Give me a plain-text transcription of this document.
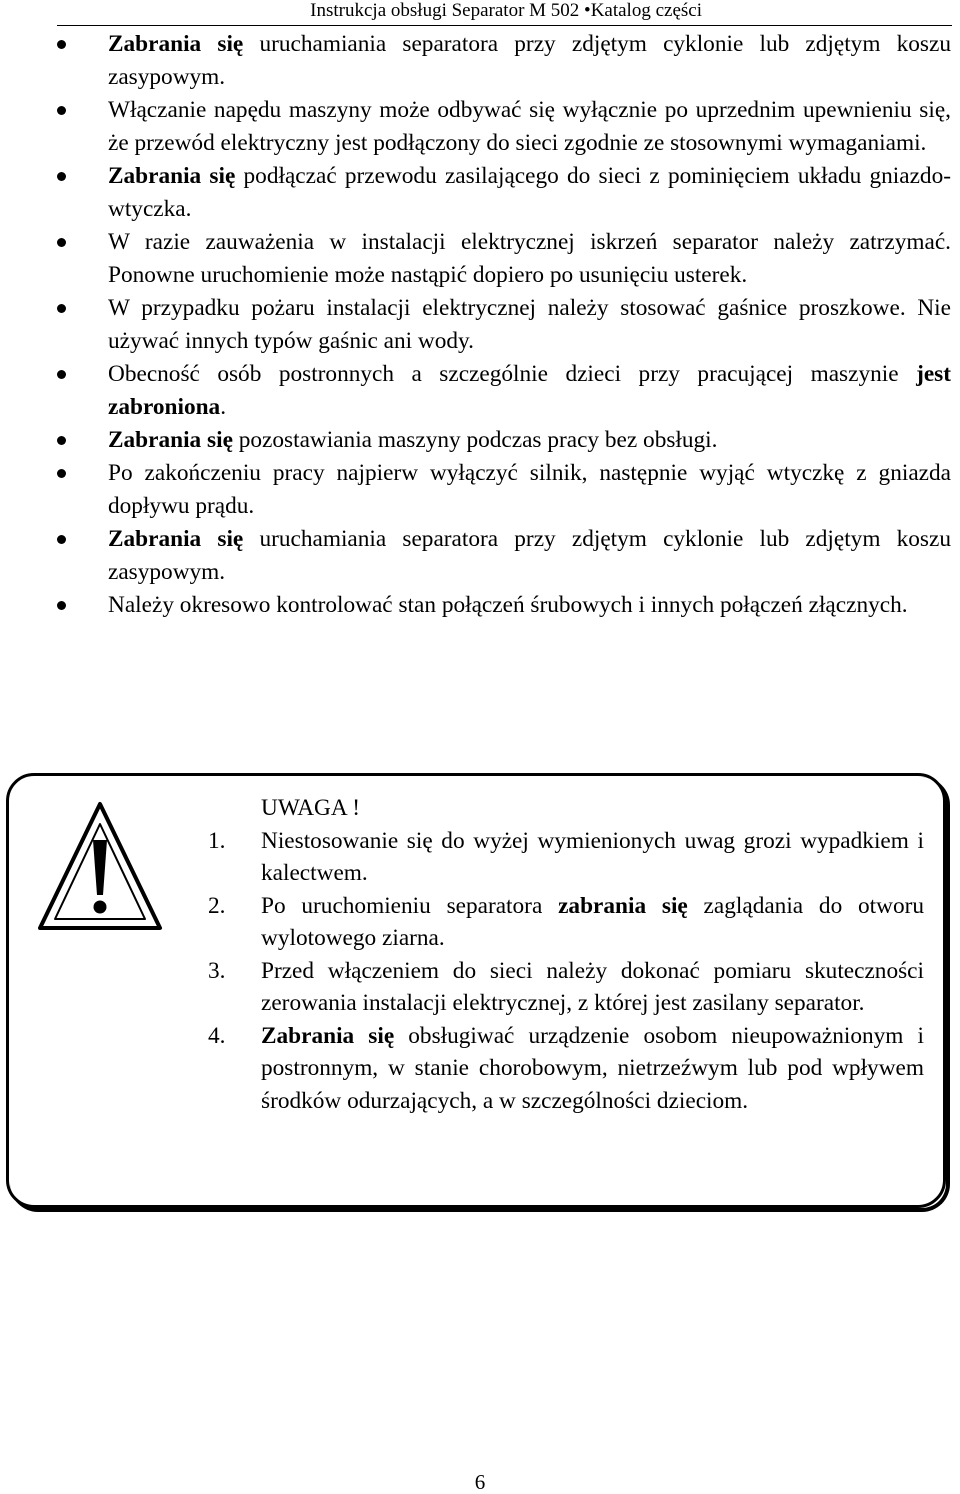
Instrukcja obsługi Separator M 502 •Katalog części
Zabrania się uruchamiania separatora przy zdjętym cyklonie lub zdjętym koszu zasypowym.
Włączanie napędu maszyny może odbywać się wyłącznie po uprzednim upewnieniu się, że przewód elektryczny jest podłączony do sieci zgodnie ze stosownymi wymaganiami.
Zabrania się podłączać przewodu zasilającego do sieci z pominięciem układu gniazdo-wtyczka.
W razie zauważenia w instalacji elektrycznej iskrzeń separator należy zatrzymać. Ponowne uruchomienie może nastąpić dopiero po usunięciu usterek.
W przypadku pożaru instalacji elektrycznej należy stosować gaśnice proszkowe. Nie używać innych typów gaśnic ani wody.
Obecność osób postronnych a szczególnie dzieci przy pracującej maszynie jest zabroniona.
Zabrania się pozostawiania maszyny podczas pracy bez obsługi.
Po zakończeniu pracy najpierw wyłączyć silnik, następnie wyjąć wtyczkę z gniazda dopływu prądu.
Zabrania się uruchamiania separatora przy zdjętym cyklonie lub zdjętym koszu zasypowym.
Należy okresowo kontrolować stan połączeń śrubowych i innych połączeń złącznych.
UWAGA !
1. Niestosowanie się do wyżej wymienionych uwag grozi wypadkiem i kalectwem.
2. Po uruchomieniu separatora zabrania się zaglądania do otworu wylotowego ziarna.
3. Przed włączeniem do sieci należy dokonać pomiaru skuteczności zerowania instalacji elektrycznej, z której jest zasilany separator.
4. Zabrania się obsługiwać urządzenie osobom nieupoważnionym i postronnym, w stanie chorobowym, nietrzeźwym lub pod wpływem środków odurzających, a w szczególności dzieciom.
6
